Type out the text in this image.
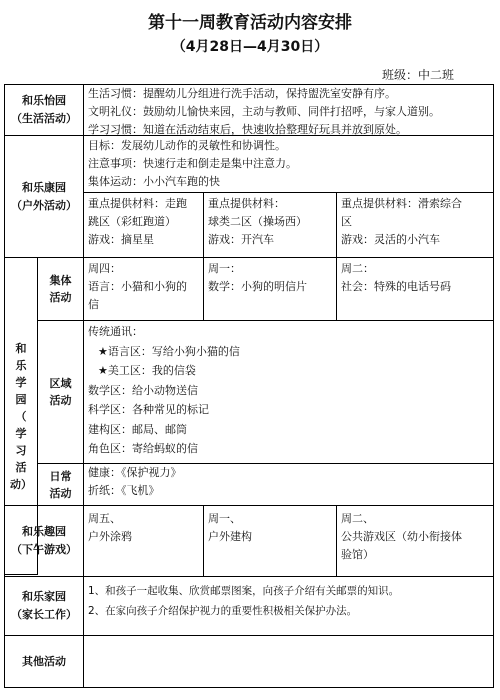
第十一周教育活动内容安排
（4月28日—4月30日）
班级：中二班
和乐怡园
（生活活动）
生活习惯：提醒幼儿分组进行洗手活动，保持盥洗室安静有序。
文明礼仪：鼓励幼儿愉快来园，主动与教师、同伴打招呼，与家人道别。
学习习惯：知道在活动结束后，快速收拾整理好玩具并放到原处。
和乐康园
（户外活动）
目标：发展幼儿动作的灵敏性和协调性。
注意事项：快速行走和倒走是集中注意力。
集体运动：小小汽车跑的快
重点提供材料：走跑
跳区（彩虹跑道）
游戏：摘星星
重点提供材料：
球类二区（操场西）
游戏：开汽车
重点提供材料：滑索综合
区
游戏：灵活的小汽车
和
乐
学
园
（
学
习
活
动）
集体
活动
周四：
语言：小猫和小狗的
信
周一：
数学：小狗的明信片
周二：
社会：特殊的电话号码
区域
活动
传统通讯：
★语言区：写给小狗小猫的信
★美工区：我的信袋
数学区：给小动物送信
科学区：各种常见的标记
建构区：邮局、邮筒
角色区：寄给蚂蚁的信
日常
活动
健康：《保护视力》
折纸：《飞机》
和乐趣园
（下午游戏）
周五、
户外涂鸦
周一、
户外建构
周二、
公共游戏区（幼小衔接体
验馆）
和乐家园
（家长工作）
1、和孩子一起收集、欣赏邮票图案，向孩子介绍有关邮票的知识。
2、在家向孩子介绍保护视力的重要性积极相关保护办法。
其他活动
